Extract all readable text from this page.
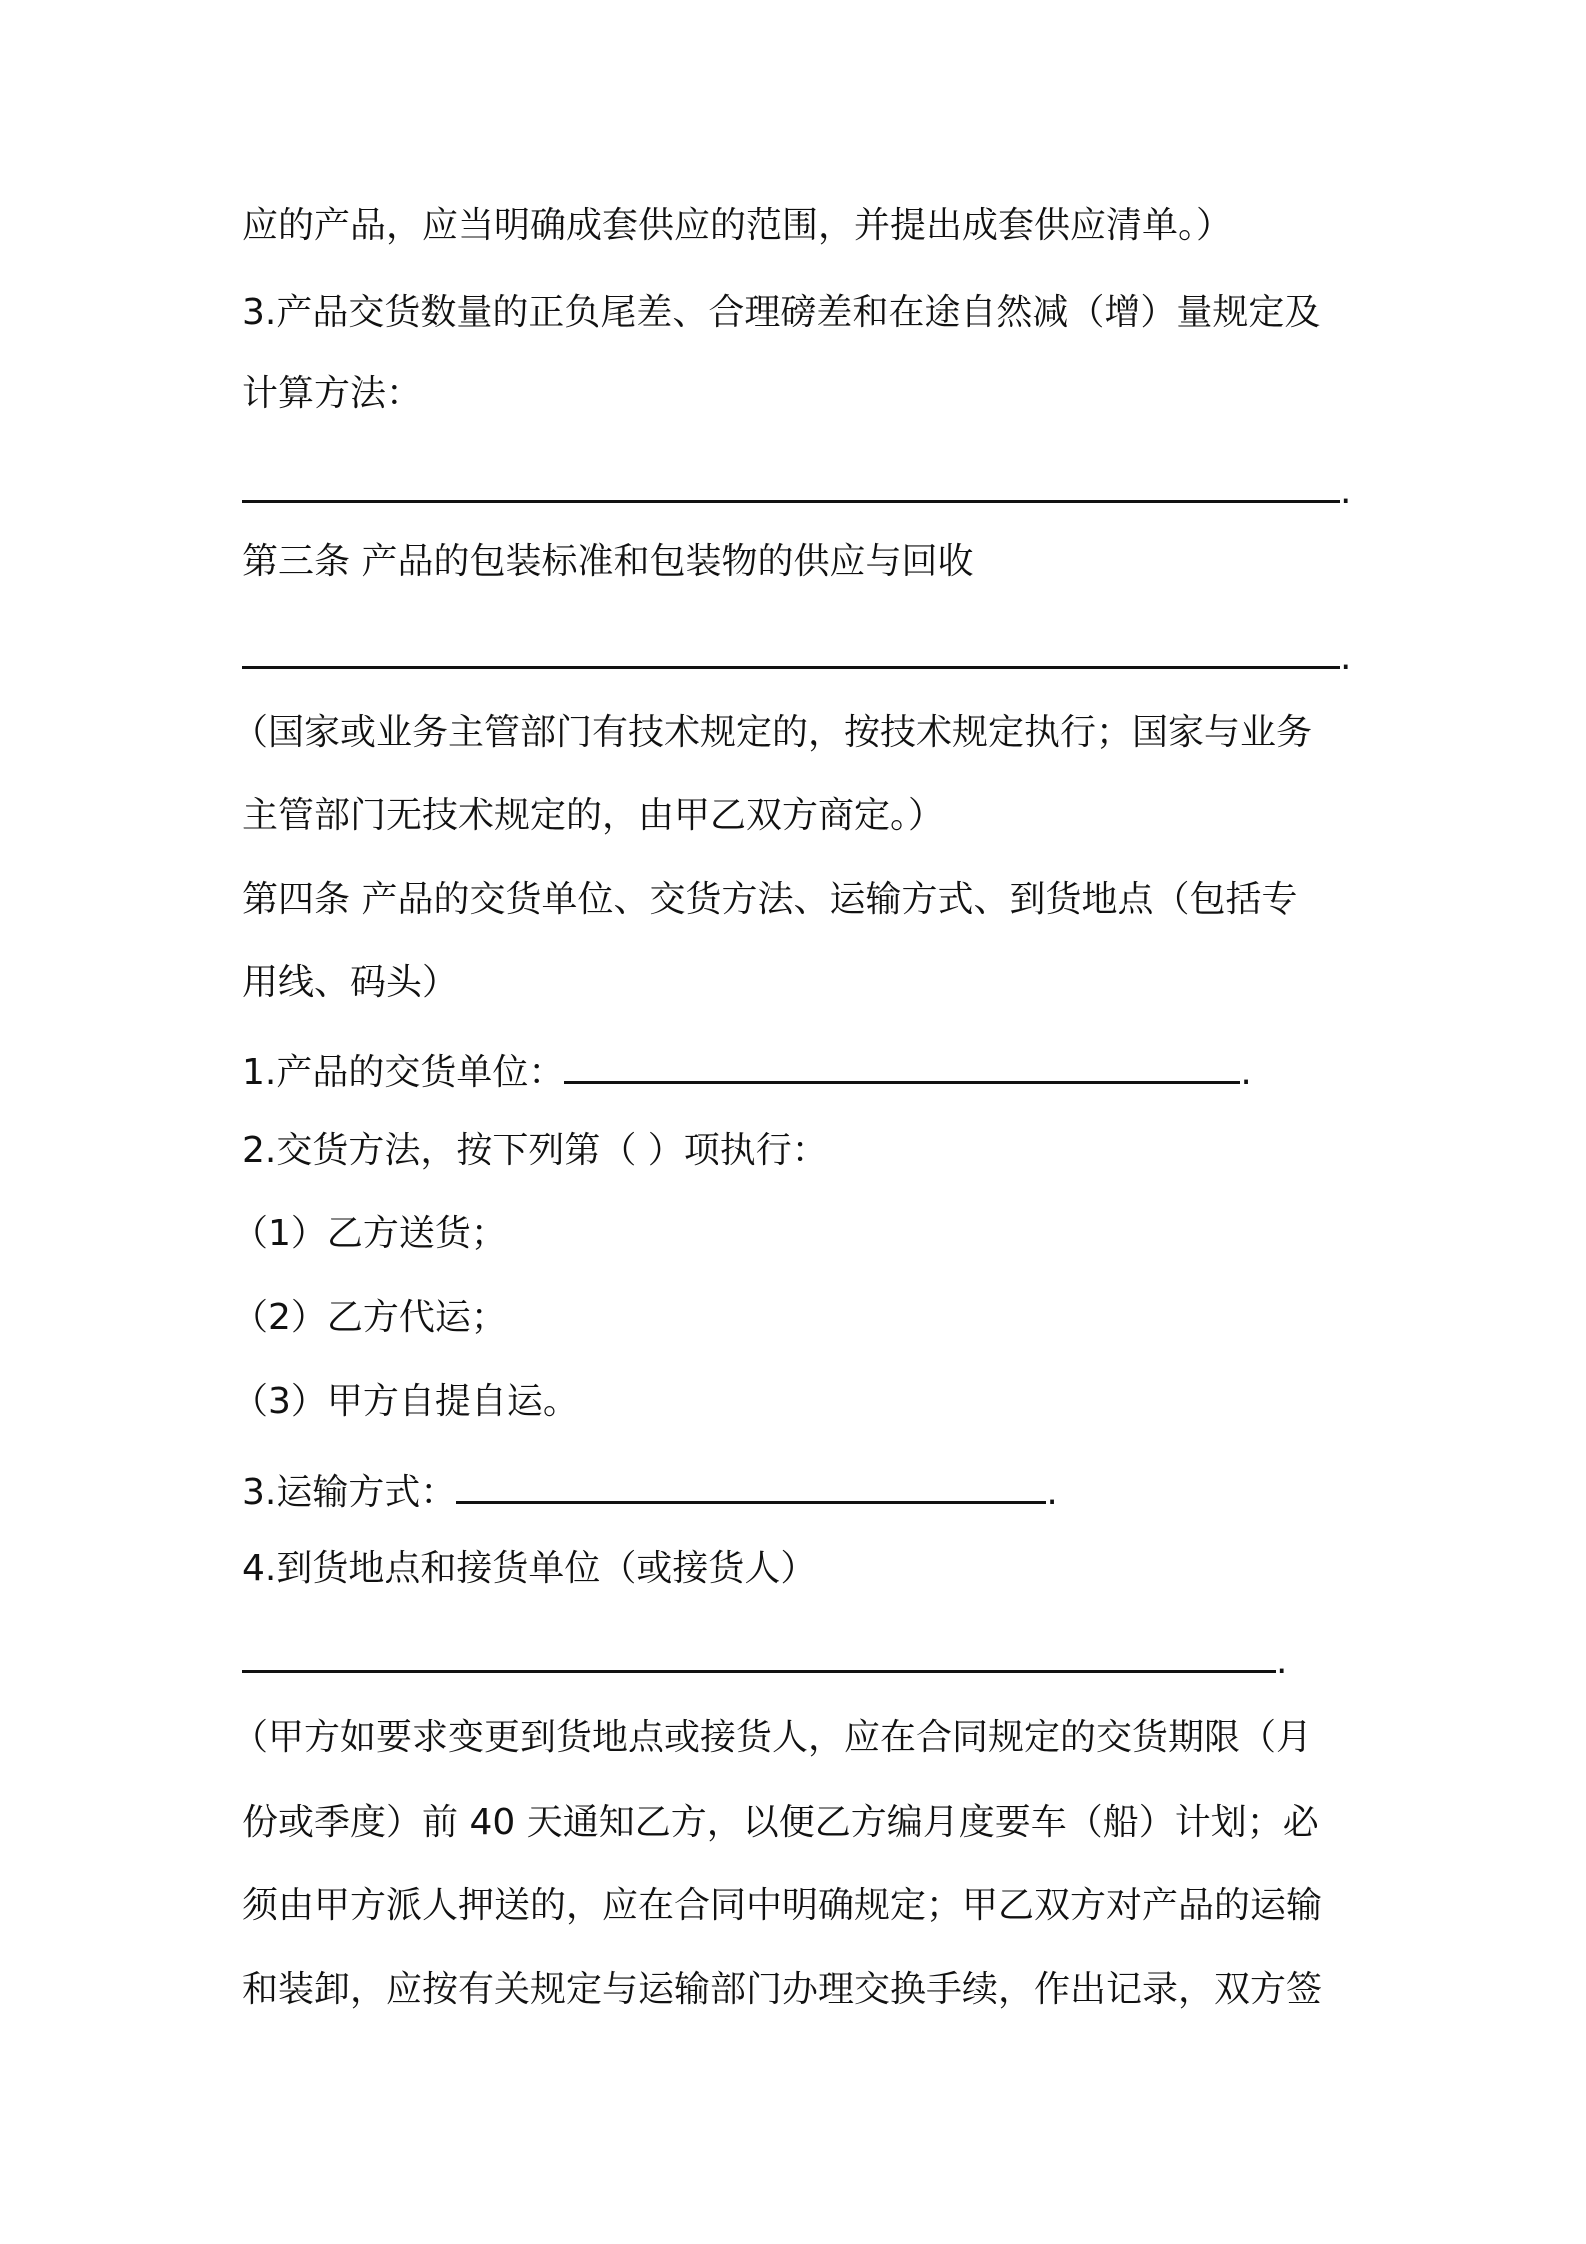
应的产品，应当明确成套供应的范围，并提出成套供应清单。）
3.产品交货数量的正负尾差、合理磅差和在途自然减（增）量规定及
计算方法：
.
第三条 产品的包装标准和包装物的供应与回收
.
（国家或业务主管部门有技术规定的，按技术规定执行；国家与业务
主管部门无技术规定的，由甲乙双方商定。）
第四条 产品的交货单位、交货方法、运输方式、到货地点（包括专
用线、码头）
1.产品的交货单位：	.
2.交货方法，按下列第（ ）项执行：
（1）乙方送货；
（2）乙方代运；
（3）甲方自提自运。
3.运输方式：	.
4.到货地点和接货单位（或接货人）
.
（甲方如要求变更到货地点或接货人，应在合同规定的交货期限（月
份或季度）前 40 天通知乙方，以便乙方编月度要车（船）计划；必
须由甲方派人押送的，应在合同中明确规定；甲乙双方对产品的运输
和装卸，应按有关规定与运输部门办理交换手续，作出记录，双方签
